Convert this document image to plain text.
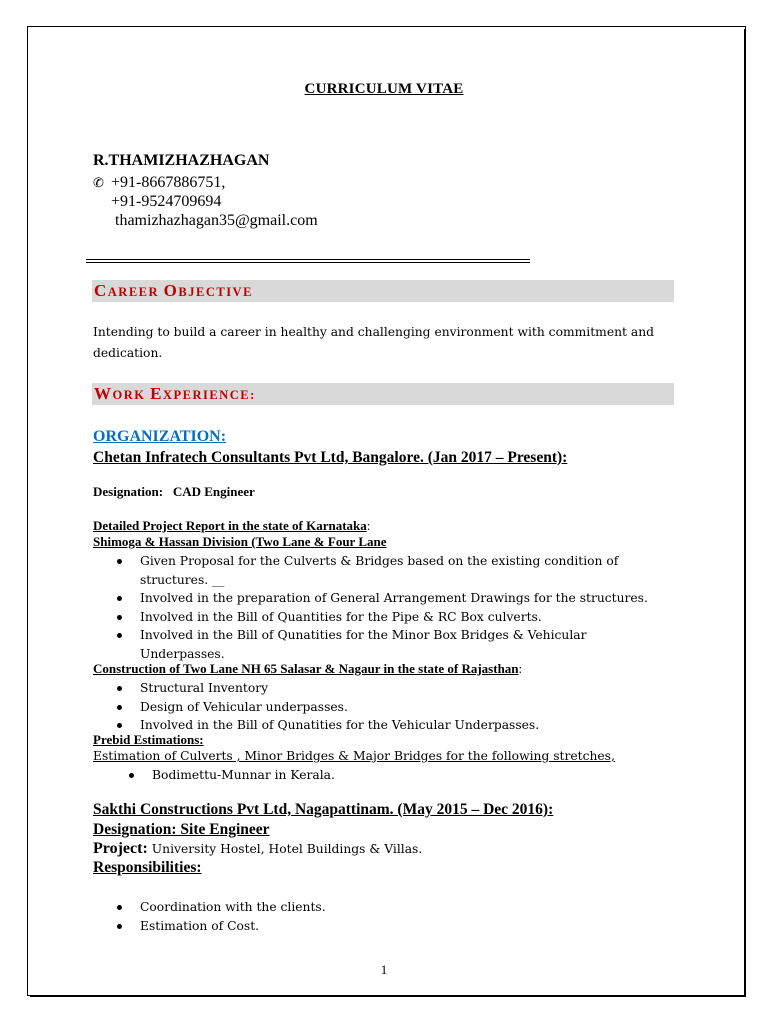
CURRICULUM VITAE
R.THAMIZHAZHAGAN
✆ +91-8667886751,
+91-9524709694
thamizhazhagan35@gmail.com
CAREER OBJECTIVE
Intending to build a career in healthy and challenging environment with commitment and dedication.
WORK EXPERIENCE:
ORGANIZATION:
Chetan Infratech Consultants Pvt Ltd, Bangalore. (Jan 2017 – Present):
Designation: CAD Engineer
Detailed Project Report in the state of Karnataka:
Shimoga & Hassan Division (Two Lane & Four Lane
Given Proposal for the Culverts & Bridges based on the existing condition of structures. __
Involved in the preparation of General Arrangement Drawings for the structures.
Involved in the Bill of Quantities for the Pipe & RC Box culverts.
Involved in the Bill of Qunatities for the Minor Box Bridges & Vehicular Underpasses.
Construction of Two Lane NH 65 Salasar & Nagaur in the state of Rajasthan:
Structural Inventory
Design of Vehicular underpasses.
Involved in the Bill of Qunatities for the Vehicular Underpasses.
Prebid Estimations:
Estimation of Culverts , Minor Bridges & Major Bridges for the following stretches,
Bodimettu-Munnar in Kerala.
Sakthi Constructions Pvt Ltd, Nagapattinam. (May 2015 – Dec 2016):
Designation: Site Engineer
Project: University Hostel, Hotel Buildings & Villas.
Responsibilities:
Coordination with the clients.
Estimation of Cost.
1
